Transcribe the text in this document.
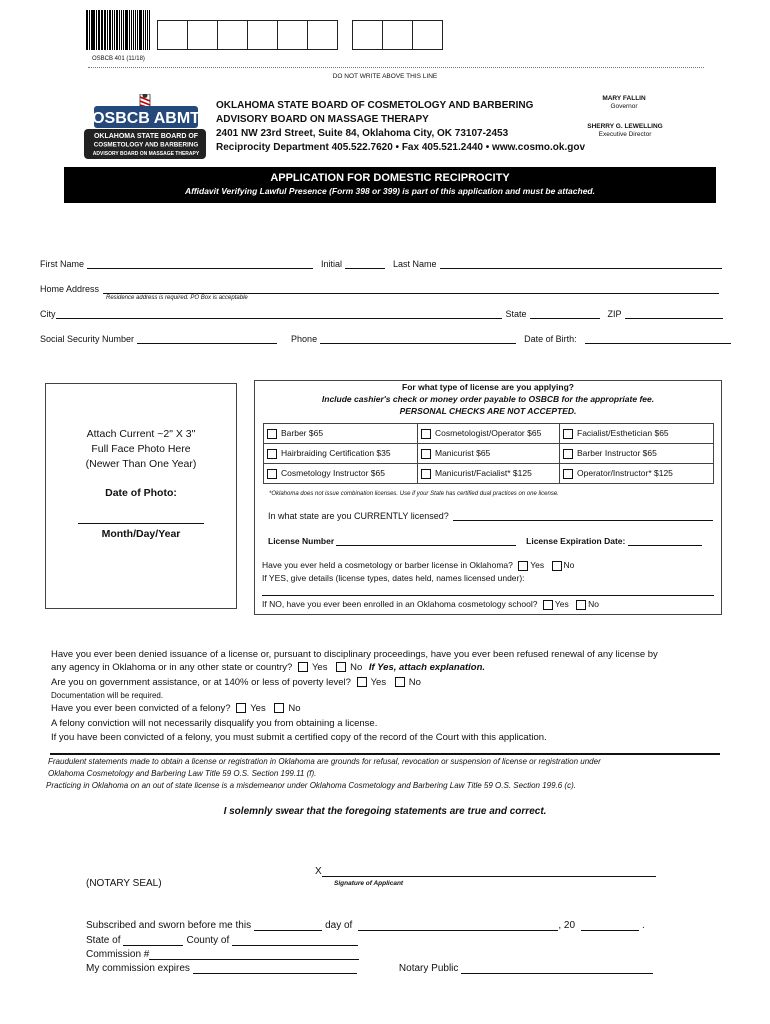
OSBCB 401 (11/18)
DO NOT WRITE ABOVE THIS LINE
OSBCB ABMT
OKLAHOMA STATE BOARD OF
COSMETOLOGY AND BARBERING
ADVISORY BOARD ON MASSAGE THERAPY
OKLAHOMA STATE BOARD OF COSMETOLOGY AND BARBERING
ADVISORY BOARD ON MASSAGE THERAPY
2401 NW 23rd Street, Suite 84, Oklahoma City, OK 73107-2453
Reciprocity Department 405.522.7620 • Fax 405.521.2440 • www.cosmo.ok.gov
MARY FALLIN
Governor
SHERRY G. LEWELLING
Executive Director
APPLICATION FOR DOMESTIC RECIPROCITY
Affidavit Verifying Lawful Presence (Form 398 or 399) is part of this application and must be attached.
First Name	Initial	Last Name
Home Address
Residence address is required. PO Box is acceptable
City	State	ZIP
Social Security Number	Phone	Date of Birth:
Attach Current ~2" X 3"
Full Face Photo Here
(Newer Than One Year)
Date of Photo:
Month/Day/Year
For what type of license are you applying?
Include cashier's check or money order payable to OSBCB for the appropriate fee.
PERSONAL CHECKS ARE NOT ACCEPTED.
Barber $65	Cosmetologist/Operator $65	Facialist/Esthetician $65
Hairbraiding Certification $35	Manicurist $65	Barber Instructor $65
Cosmetology Instructor $65	Manicurist/Facialist* $125	Operator/Instructor* $125
*Oklahoma does not issue combination licenses. Use if your State has certified dual practices on one license.
In what state are you CURRENTLY licensed?
License Number	License Expiration Date:
Have you ever held a cosmetology or barber license in Oklahoma? Yes No
If YES, give details (license types, dates held, names licensed under):
If NO, have you ever been enrolled in an Oklahoma cosmetology school? Yes No
Have you ever been denied issuance of a license or, pursuant to disciplinary proceedings, have you ever been refused renewal of any license by
any agency in Oklahoma or in any other state or country? Yes No If Yes, attach explanation.
Are you on government assistance, or at 140% or less of poverty level? Yes No
Documentation will be required.
Have you ever been convicted of a felony? Yes No
A felony conviction will not necessarily disqualify you from obtaining a license.
If you have been convicted of a felony, you must submit a certified copy of the record of the Court with this application.
Fraudulent statements made to obtain a license or registration in Oklahoma are grounds for refusal, revocation or suspension of license or registration under
Oklahoma Cosmetology and Barbering Law Title 59 O.S. Section 199.11 (f).
Practicing in Oklahoma on an out of state license is a misdemeanor under Oklahoma Cosmetology and Barbering Law Title 59 O.S. Section 199.6 (c).
I solemnly swear that the foregoing statements are true and correct.
X
Signature of Applicant
(NOTARY SEAL)
Subscribed and sworn before me this	day of	, 20	.
State of	County of
Commission #
My commission expires	Notary Public
